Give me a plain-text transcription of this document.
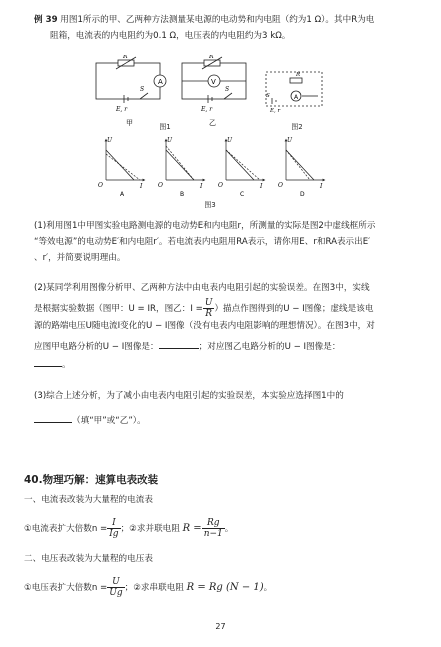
例 39 用图1所示的甲、乙两种方法测量某电源的电动势和内电阻（约为1 Ω）。其中R为电
阻箱，电流表的内电阻约为0.1 Ω，电压表的内电阻约为3 kΩ。
A
R
S
E, r
甲
V
R
S
E, r
乙
图1
A
R
S
E, r
图2
U
O	I
A
U
O	I
B
U
O	I
C
U
O	I
D
图3
(1)利用图1中甲图实验电路测电源的电动势E和内电阻r，所测量的实际是图2中虚线框所示
“等效电源”的电动势E′和内电阻r′。若电流表内电阻用RA表示，请你用E、r和RA表示出E′
、r′，并简要说明理由。
(2)某同学利用图像分析甲、乙两种方法中由电表内电阻引起的实验误差。在图3中，实线
是根据实验数据（图甲：U = IR，图乙：$I = \frac{U}{R}$ ）描点作图得到的U − I图像；虚线是该电
源的路端电压U随电流I变化的U − I图像（没有电表内电阻影响的理想情况）。在图3中，对
应图甲电路分析的U − I图像是：	；对应图乙电路分析的U − I图像是：
。
(3)综合上述分析，为了减小由电表内电阻引起的实验误差，本实验应选择图1中的
（填“甲”或“乙”）。
40.物理巧解：速算电表改装
一、电流表改装为大量程的电流表
①电流表扩大倍数$n = \frac{I}{Ig}$ ；②求并联电阻 $R = \frac{Rg}{n-1}$ 。
二、电压表改装为大量程的电压表
①电压表扩大倍数$n = \frac{U}{Ug}$ ；②求串联电阻 R = Rg (N − 1)。
27
